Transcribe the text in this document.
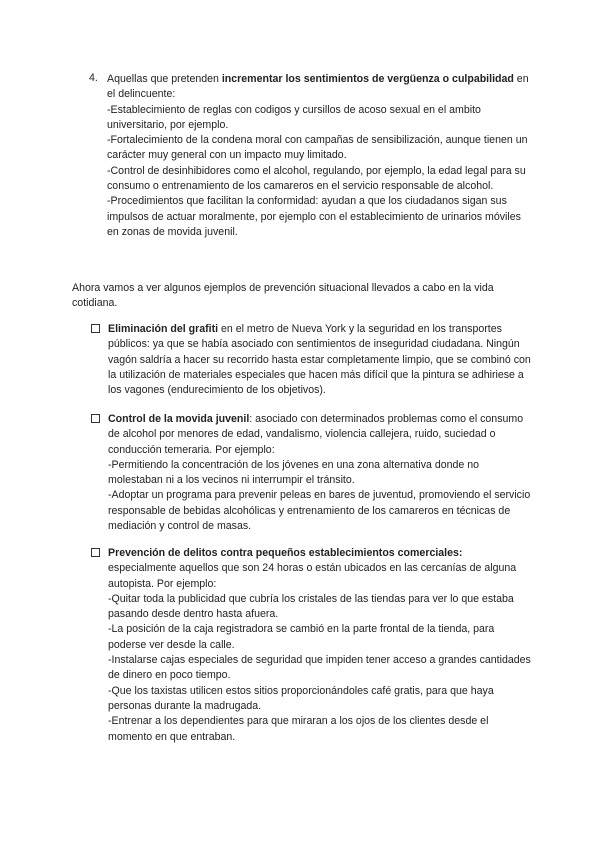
4. Aquellas que pretenden incrementar los sentimientos de vergüenza o culpabilidad en el delincuente:

-Establecimiento de reglas con codigos y cursillos de acoso sexual en el ambito universitario, por ejemplo.

-Fortalecimiento de la condena moral con campañas de sensibilización, aunque tienen un carácter muy general con un impacto muy limitado.

-Control de desinhibidores como el alcohol, regulando, por ejemplo, la edad legal para su consumo o entrenamiento de los camareros en el servicio responsable de alcohol.

-Procedimientos que facilitan la conformidad: ayudan a que los ciudadanos sigan sus impulsos de actuar moralmente, por ejemplo con el establecimiento de urinarios móviles en zonas de movida juvenil.

Ahora vamos a ver algunos ejemplos de prevención situacional llevados a cabo en la vida cotidiana.

Eliminación del grafiti en el metro de Nueva York y la seguridad en los transportes públicos: ya que se había asociado con sentimientos de inseguridad ciudadana. Ningún vagón saldría a hacer su recorrido hasta estar completamente limpio, que se combinó con la utilización de materiales especiales que hacen más difícil que la pintura se adhiriese a los vagones (endurecimiento de los objetivos).

Control de la movida juvenil: asociado con determinados problemas como el consumo de alcohol por menores de edad, vandalismo, violencia callejera, ruido, suciedad o conducción temeraria. Por ejemplo:

-Permitiendo la concentración de los jóvenes en una zona alternativa donde no molestaban ni a los vecinos ni interrumpir el tránsito.

-Adoptar un programa para prevenir peleas en bares de juventud, promoviendo el servicio responsable de bebidas alcohólicas y entrenamiento de los camareros en técnicas de mediación y control de masas.

Prevención de delitos contra pequeños establecimientos comerciales: especialmente aquellos que son 24 horas o están ubicados en las cercanías de alguna autopista. Por ejemplo:

-Quitar toda la publicidad que cubría los cristales de las tiendas para ver lo que estaba pasando desde dentro hasta afuera.

-La posición de la caja registradora se cambió en la parte frontal de la tienda, para poderse ver desde la calle.

-Instalarse cajas especiales de seguridad que impiden tener acceso a grandes cantidades de dinero en poco tiempo.

-Que los taxistas utilicen estos sitios proporcionándoles café gratis, para que haya personas durante la madrugada.

-Entrenar a los dependientes para que miraran a los ojos de los clientes desde el momento en que entraban.
